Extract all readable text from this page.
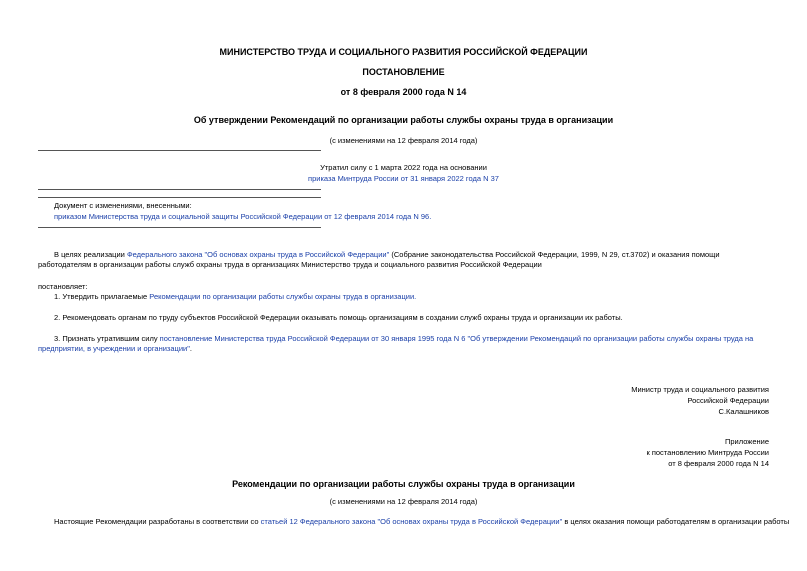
МИНИСТЕРСТВО ТРУДА И СОЦИАЛЬНОГО РАЗВИТИЯ РОССИЙСКОЙ ФЕДЕРАЦИИ
ПОСТАНОВЛЕНИЕ
от 8 февраля 2000 года N 14
Об утверждении Рекомендаций по организации работы службы охраны труда в организации
(с изменениями на 12 февраля 2014 года)
Утратил силу с 1 марта 2022 года на основании
приказа Минтруда России от 31 января 2022 года N 37
Документ с изменениями, внесенными:
приказом Министерства труда и социальной защиты Российской Федерации от 12 февраля 2014 года N 96.
В целях реализации Федерального закона "Об основах охраны труда в Российской Федерации" (Собрание законодательства Российской Федерации, 1999, N 29, ст.3702) и оказания помощи работодателям в организации работы служб охраны труда в организациях Министерство труда и социального развития Российской Федерации
постановляет:
1. Утвердить прилагаемые Рекомендации по организации работы службы охраны труда в организации.
2. Рекомендовать органам по труду субъектов Российской Федерации оказывать помощь организациям в создании служб охраны труда и организации их работы.
3. Признать утратившим силу постановление Министерства труда Российской Федерации от 30 января 1995 года N 6 "Об утверждении Рекомендаций по организации работы службы охраны труда на предприятии, в учреждении и организации".
Министр труда и социального развития
Российской Федерации
С.Калашников
Приложение
к постановлению Минтруда России
от 8 февраля 2000 года N 14
Рекомендации по организации работы службы охраны труда в организации
(с изменениями на 12 февраля 2014 года)
Настоящие Рекомендации разработаны в соответствии со статьей 12 Федерального закона "Об основах охраны труда в Российской Федерации" в целях оказания помощи работодателям в организации работы
